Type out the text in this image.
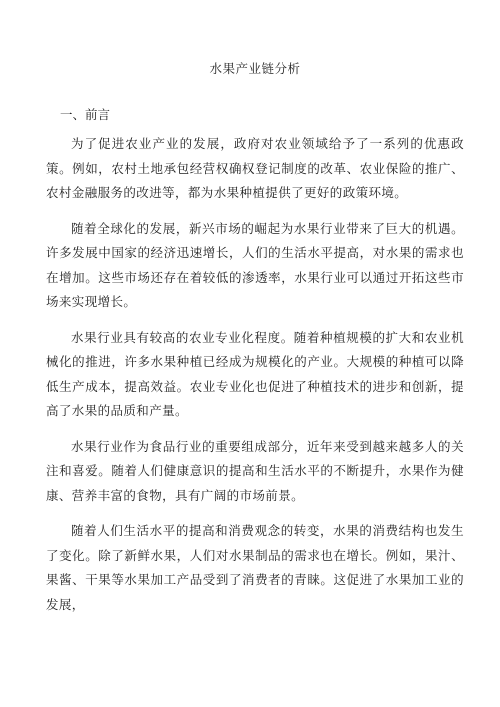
水果产业链分析
一、前言

为了促进农业产业的发展，政府对农业领域给予了一系列的优惠政策。例如，农村土地承包经营权确权登记制度的改革、农业保险的推广、农村金融服务的改进等，都为水果种植提供了更好的政策环境。

随着全球化的发展，新兴市场的崛起为水果行业带来了巨大的机遇。许多发展中国家的经济迅速增长，人们的生活水平提高，对水果的需求也在增加。这些市场还存在着较低的渗透率，水果行业可以通过开拓这些市场来实现增长。

水果行业具有较高的农业专业化程度。随着种植规模的扩大和农业机械化的推进，许多水果种植已经成为规模化的产业。大规模的种植可以降低生产成本，提高效益。农业专业化也促进了种植技术的进步和创新，提高了水果的品质和产量。

水果行业作为食品行业的重要组成部分，近年来受到越来越多人的关注和喜爱。随着人们健康意识的提高和生活水平的不断提升，水果作为健康、营养丰富的食物，具有广阔的市场前景。

随着人们生活水平的提高和消费观念的转变，水果的消费结构也发生了变化。除了新鲜水果，人们对水果制品的需求也在增长。例如，果汁、果酱、干果等水果加工产品受到了消费者的青睐。这促进了水果加工业的发展，
